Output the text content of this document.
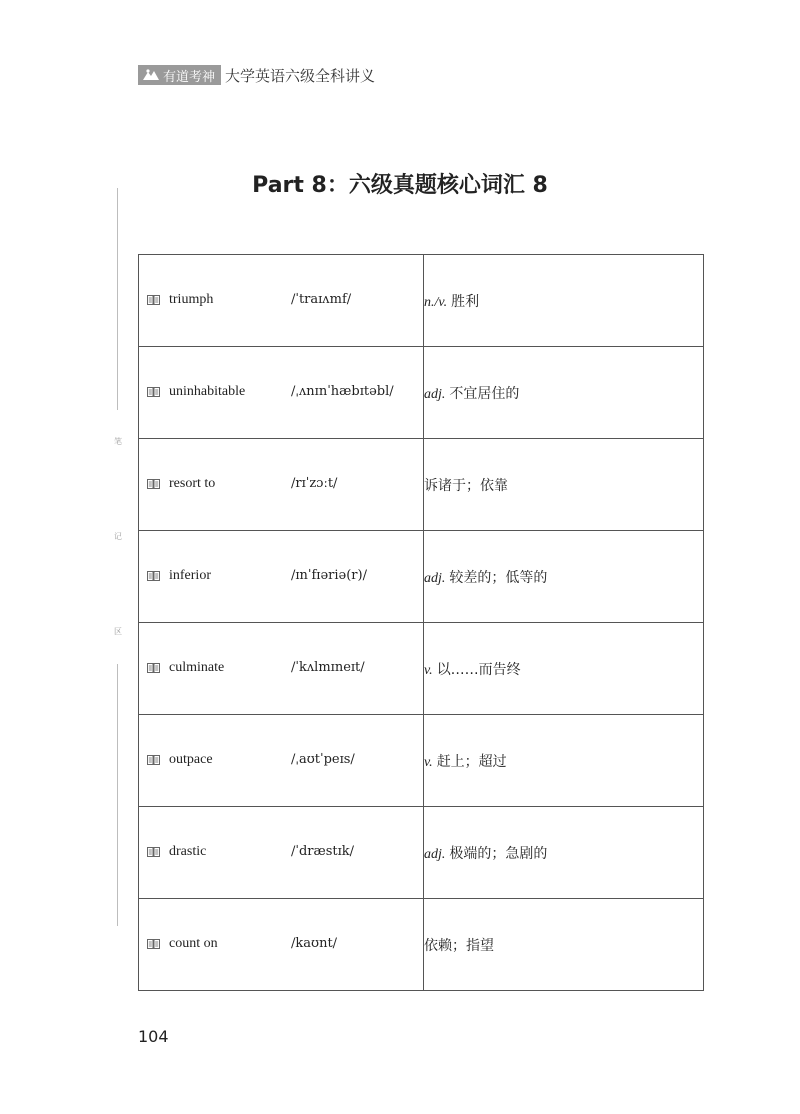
有道考神 大学英语六级全科讲义
Part 8：六级真题核心词汇 8
笔
记
区
triumph /ˈtraɪʌmf/	n./v. 胜利

uninhabitable /ˌʌnɪnˈhæbɪtəbl/	adj. 不宜居住的

resort to /rɪˈzɔːt/	诉诸于；依靠

inferior /ɪnˈfɪəriə(r)/	adj. 较差的；低等的

culminate /ˈkʌlmɪneɪt/	v. 以……而告终

outpace /ˌaʊtˈpeɪs/	v. 赶上；超过

drastic /ˈdræstɪk/	adj. 极端的；急剧的

count on /kaʊnt/	依赖；指望
104
